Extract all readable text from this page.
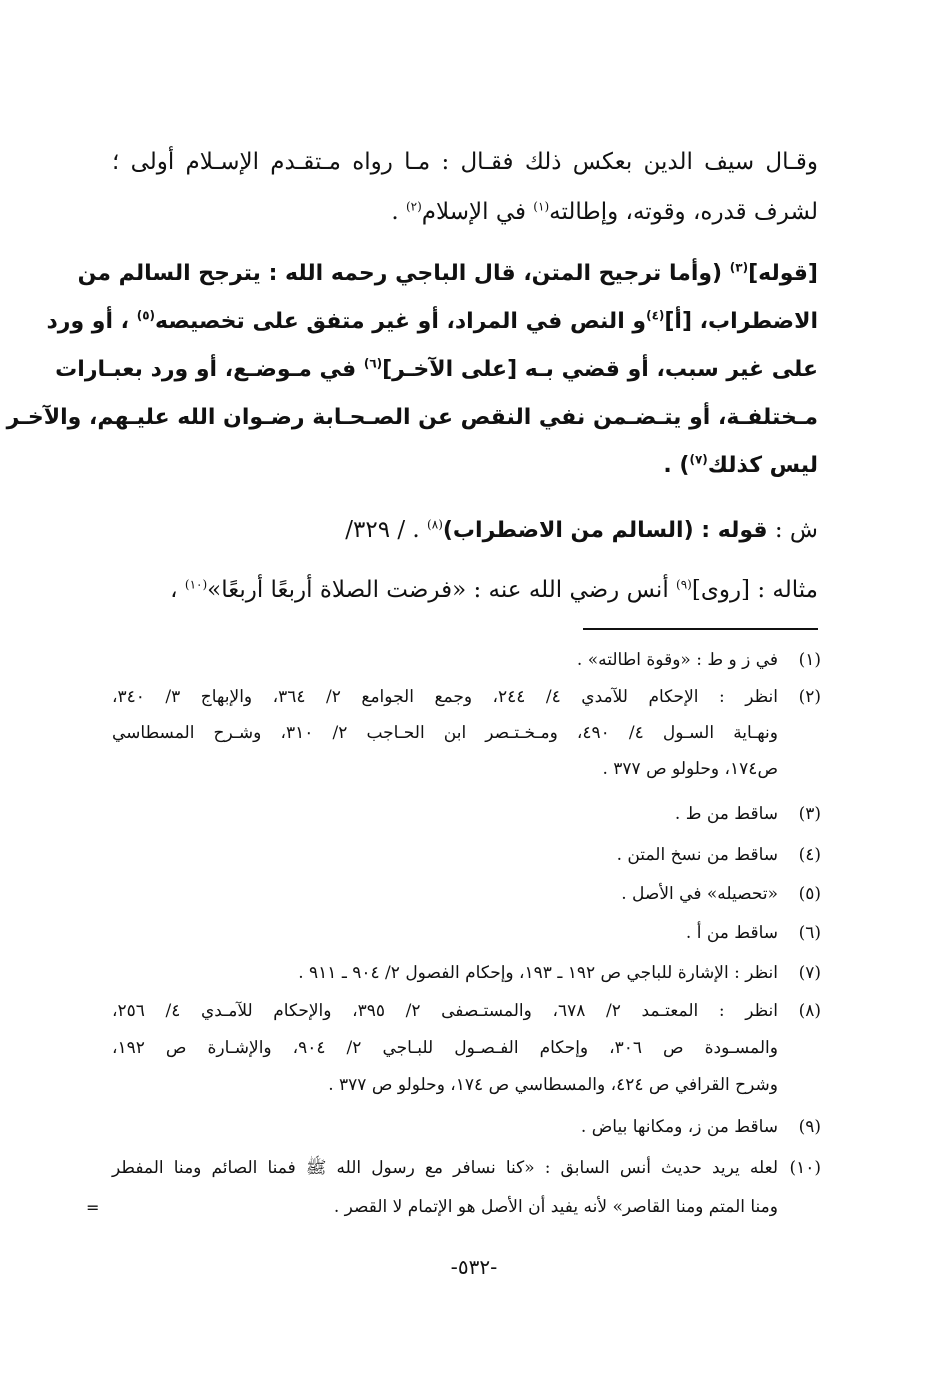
وقـال سيف الدين بعكس ذلك فقـال : مـا رواه مـتقـدم الإسـلام أولى ؛
لشرف قدره، وقوته، وإطالته$^{(١)}$ في الإسلام$^{(٢)}$ .
[قوله]$^{(٣)}$ (وأما ترجيح المتن، قال الباجي رحمه الله : يترجح السالم من
الاضطراب، [أ]$^{(٤)}$و النص في المراد، أو غير متفق على تخصيصه$^{(٥)}$ ، أو ورد
على غير سبب، أو قضي بـه [على الآخـر]$^{(٦)}$ في مـوضـع، أو ورد بعبـارات
مـختلفـة، أو يتـضـمن نفي النقص عن الصـحـابة رضـوان الله عليـهم، والآخـر
ليس كذلك$^{(٧)}$) .
ش : قوله : (السالم من الاضطراب)$^{(٨)}$ . / ٣٢٩/
مثاله : [روى]$^{(٩)}$ أنس رضي الله عنه : «فرضت الصلاة أربعًا أربعًا»$^{(١٠)}$ ،
(١)
في ز و ط : «وقوة اطالته» .
(٢)
انظر : الإحكام للآمدي ٤/ ٢٤٤، وجمع الجوامع ٢/ ٣٦٤، والإبهاج ٣/ ٣٤٠،
ونهـاية السـول ٤/ ٤٩٠، ومـخـتـصر ابن الحـاجب ٢/ ٣١٠، وشـرح المسطاسي
ص١٧٤، وحلولو ص ٣٧٧ .
(٣)
ساقط من ط .
(٤)
ساقط من نسخ المتن .
(٥)
«تحصيله» في الأصل .
(٦)
ساقط من أ .
(٧)
انظر : الإشارة للباجي ص ١٩٢ ـ ١٩٣، وإحكام الفصول ٢/ ٩٠٤ ـ ٩١١ .
(٨)
انظر : المعتـمد ٢/ ٦٧٨، والمستـصفى ٢/ ٣٩٥، والإحكام للآمـدي ٤/ ٢٥٦،
والمسـودة ص ٣٠٦، وإحكام الفـصـول للبـاجي ٢/ ٩٠٤، والإشـارة ص ١٩٢،
وشرح القرافي ص ٤٢٤، والمسطاسي ص ١٧٤، وحلولو ص ٣٧٧ .
(٩)
ساقط من ز، ومكانها بياض .
(١٠)
لعله يريد حديث أنس السابق : «كنا نسافر مع رسول الله ﷺ فمنا الصائم ومنا المفطر
ومنا المتم ومنا القاصر» لأنه يفيد أن الأصل هو الإتمام لا القصر .
=
-٥٣٢-
